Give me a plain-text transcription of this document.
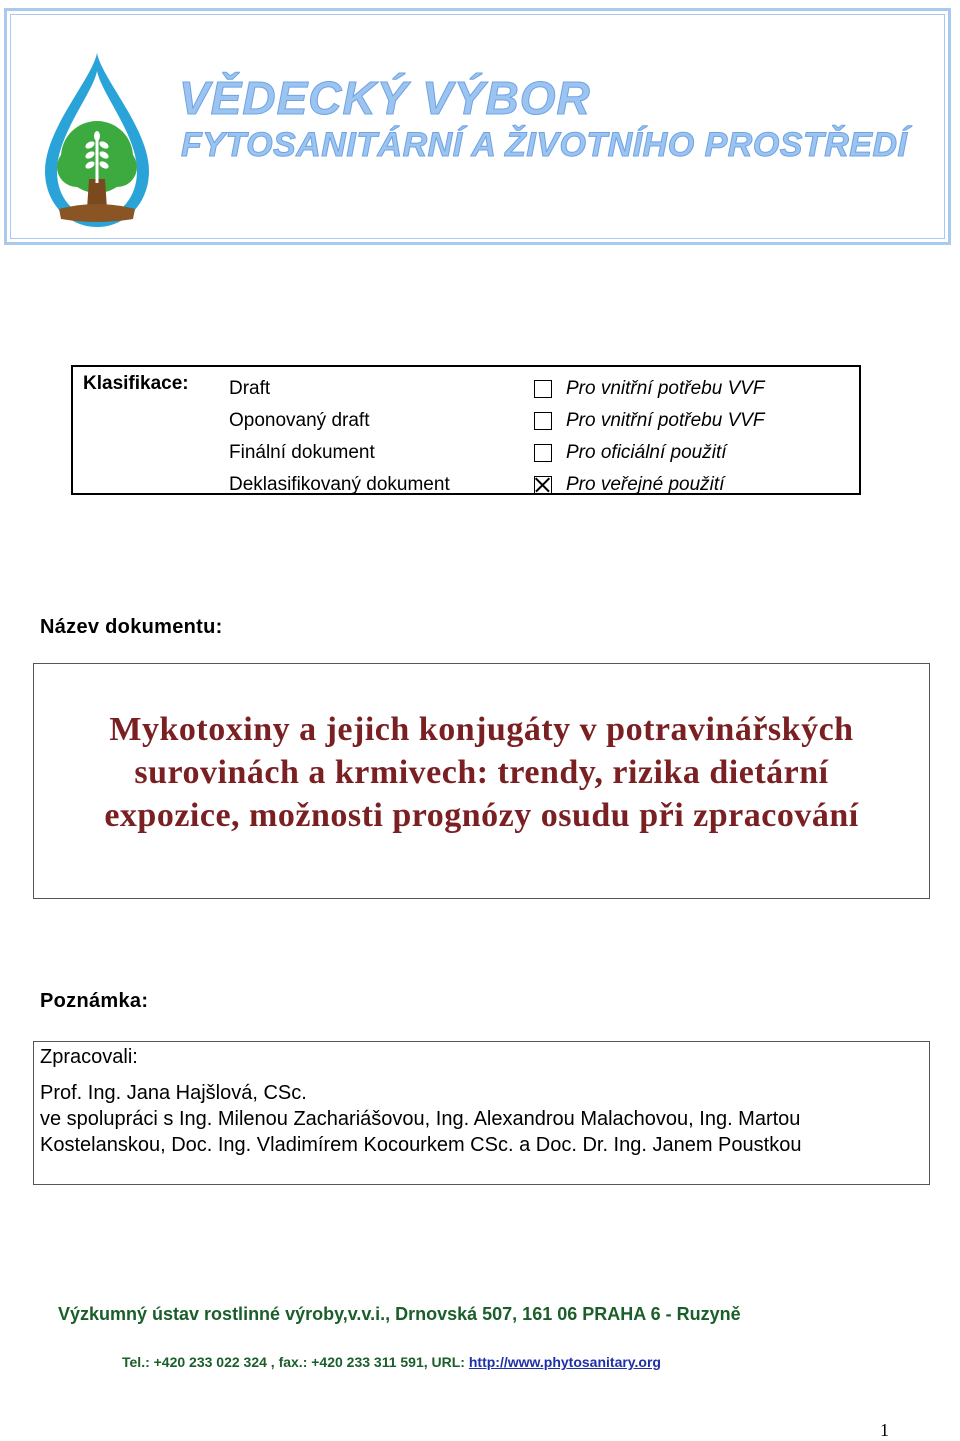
VĚDECKÝ VÝBOR
FYTOSANITÁRNÍ A ŽIVOTNÍHO PROSTŘEDÍ
Klasifikace: Draft
Oponovaný draft
Finální dokument
Deklasifikovaný dokument
Pro vnitřní potřebu VVF
Pro vnitřní potřebu VVF
Pro oficiální použití
Pro veřejné použití
Název dokumentu:
Mykotoxiny a jejich konjugáty v potravinářských surovinách a krmivech: trendy, rizika dietární expozice, možnosti prognózy osudu při zpracování
Poznámka:
Zpracovali:
Prof. Ing. Jana Hajšlová, CSc.
ve spolupráci s Ing. Milenou Zachariášovou, Ing. Alexandrou Malachovou, Ing. Martou Kostelanskou, Doc. Ing. Vladimírem Kocourkem CSc. a Doc. Dr. Ing. Janem Poustkou
Výzkumný ústav rostlinné výroby,v.v.i., Drnovská 507, 161 06 PRAHA 6 - Ruzyně
Tel.: +420 233 022 324 , fax.: +420 233 311 591, URL: http://www.phytosanitary.org
1
